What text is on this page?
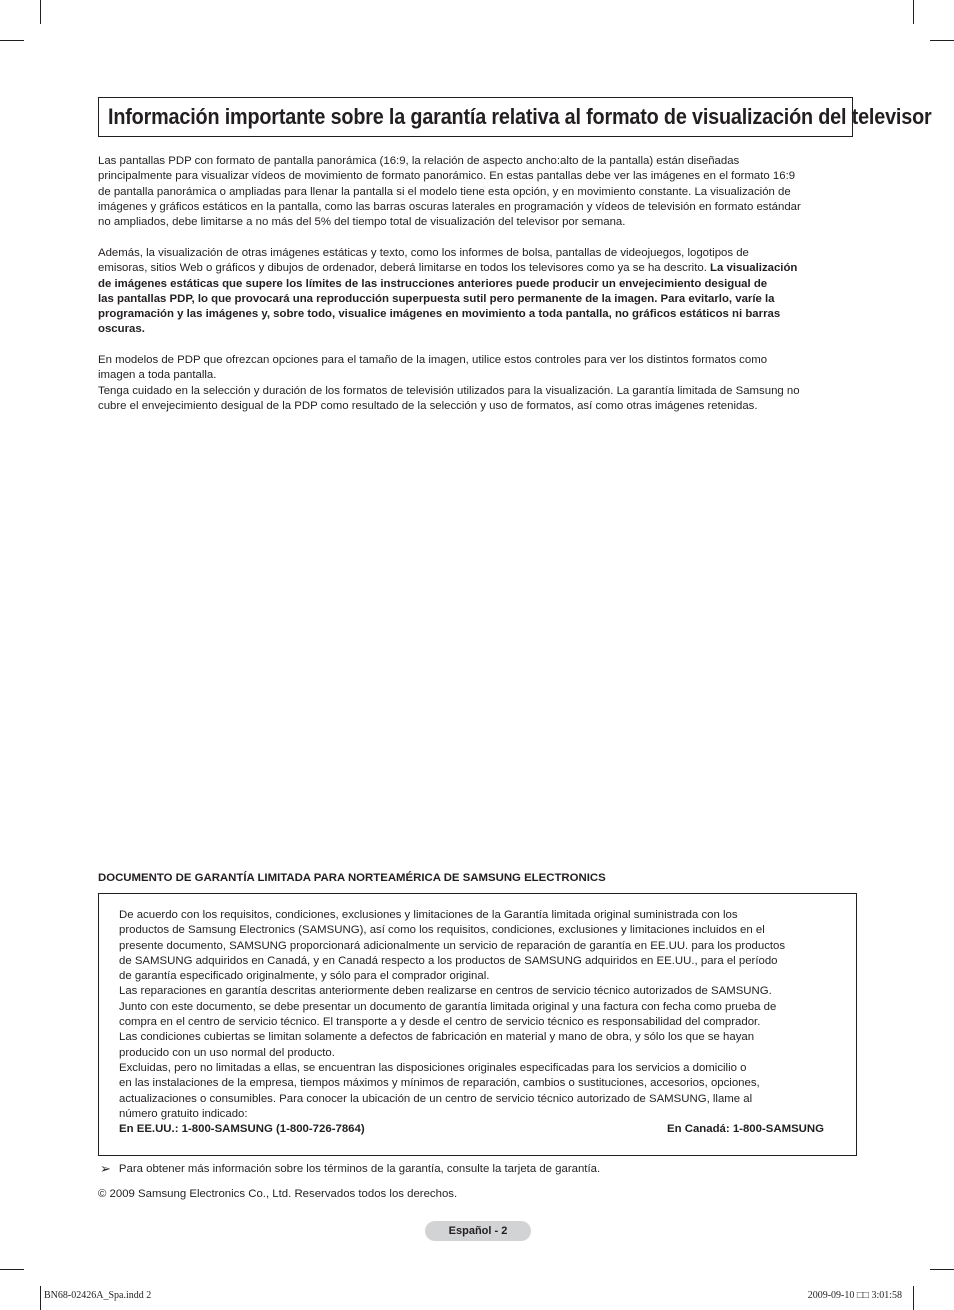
Información importante sobre la garantía relativa al formato de visualización del televisor
Las pantallas PDP con formato de pantalla panorámica (16:9, la relación de aspecto ancho:alto de la pantalla) están diseñadas
principalmente para visualizar vídeos de movimiento de formato panorámico. En estas pantallas debe ver las imágenes en el formato 16:9
de pantalla panorámica o ampliadas para llenar la pantalla si el modelo tiene esta opción, y en movimiento constante. La visualización de
imágenes y gráficos estáticos en la pantalla, como las barras oscuras laterales en programación y vídeos de televisión en formato estándar
no ampliados, debe limitarse a no más del 5% del tiempo total de visualización del televisor por semana.
Además, la visualización de otras imágenes estáticas y texto, como los informes de bolsa, pantallas de videojuegos, logotipos de
emisoras, sitios Web o gráficos y dibujos de ordenador, deberá limitarse en todos los televisores como ya se ha descrito. La visualización
de imágenes estáticas que supere los límites de las instrucciones anteriores puede producir un envejecimiento desigual de
las pantallas PDP, lo que provocará una reproducción superpuesta sutil pero permanente de la imagen. Para evitarlo, varíe la
programación y las imágenes y, sobre todo, visualice imágenes en movimiento a toda pantalla, no gráficos estáticos ni barras
oscuras.
En modelos de PDP que ofrezcan opciones para el tamaño de la imagen, utilice estos controles para ver los distintos formatos como
imagen a toda pantalla.
Tenga cuidado en la selección y duración de los formatos de televisión utilizados para la visualización. La garantía limitada de Samsung no
cubre el envejecimiento desigual de la PDP como resultado de la selección y uso de formatos, así como otras imágenes retenidas.
DOCUMENTO DE GARANTÍA LIMITADA PARA NORTEAMÉRICA DE SAMSUNG ELECTRONICS
De acuerdo con los requisitos, condiciones, exclusiones y limitaciones de la Garantía limitada original suministrada con los
productos de Samsung Electronics (SAMSUNG), así como los requisitos, condiciones, exclusiones y limitaciones incluidos en el
presente documento, SAMSUNG proporcionará adicionalmente un servicio de reparación de garantía en EE.UU. para los productos
de SAMSUNG adquiridos en Canadá, y en Canadá respecto a los productos de SAMSUNG adquiridos en EE.UU., para el período
de garantía especificado originalmente, y sólo para el comprador original.
Las reparaciones en garantía descritas anteriormente deben realizarse en centros de servicio técnico autorizados de SAMSUNG.
Junto con este documento, se debe presentar un documento de garantía limitada original y una factura con fecha como prueba de
compra en el centro de servicio técnico. El transporte a y desde el centro de servicio técnico es responsabilidad del comprador.
Las condiciones cubiertas se limitan solamente a defectos de fabricación en material y mano de obra, y sólo los que se hayan
producido con un uso normal del producto.
Excluidas, pero no limitadas a ellas, se encuentran las disposiciones originales especificadas para los servicios a domicilio o
en las instalaciones de la empresa, tiempos máximos y mínimos de reparación, cambios o sustituciones, accesorios, opciones,
actualizaciones o consumibles. Para conocer la ubicación de un centro de servicio técnico autorizado de SAMSUNG, llame al
número gratuito indicado:
En EE.UU.: 1-800-SAMSUNG (1-800-726-7864)	En Canadá: 1-800-SAMSUNG
➢ Para obtener más información sobre los términos de la garantía, consulte la tarjeta de garantía.
© 2009 Samsung Electronics Co., Ltd. Reservados todos los derechos.
Español - 2
BN68-02426A_Spa.indd 2	2009-09-10 □□ 3:01:58
